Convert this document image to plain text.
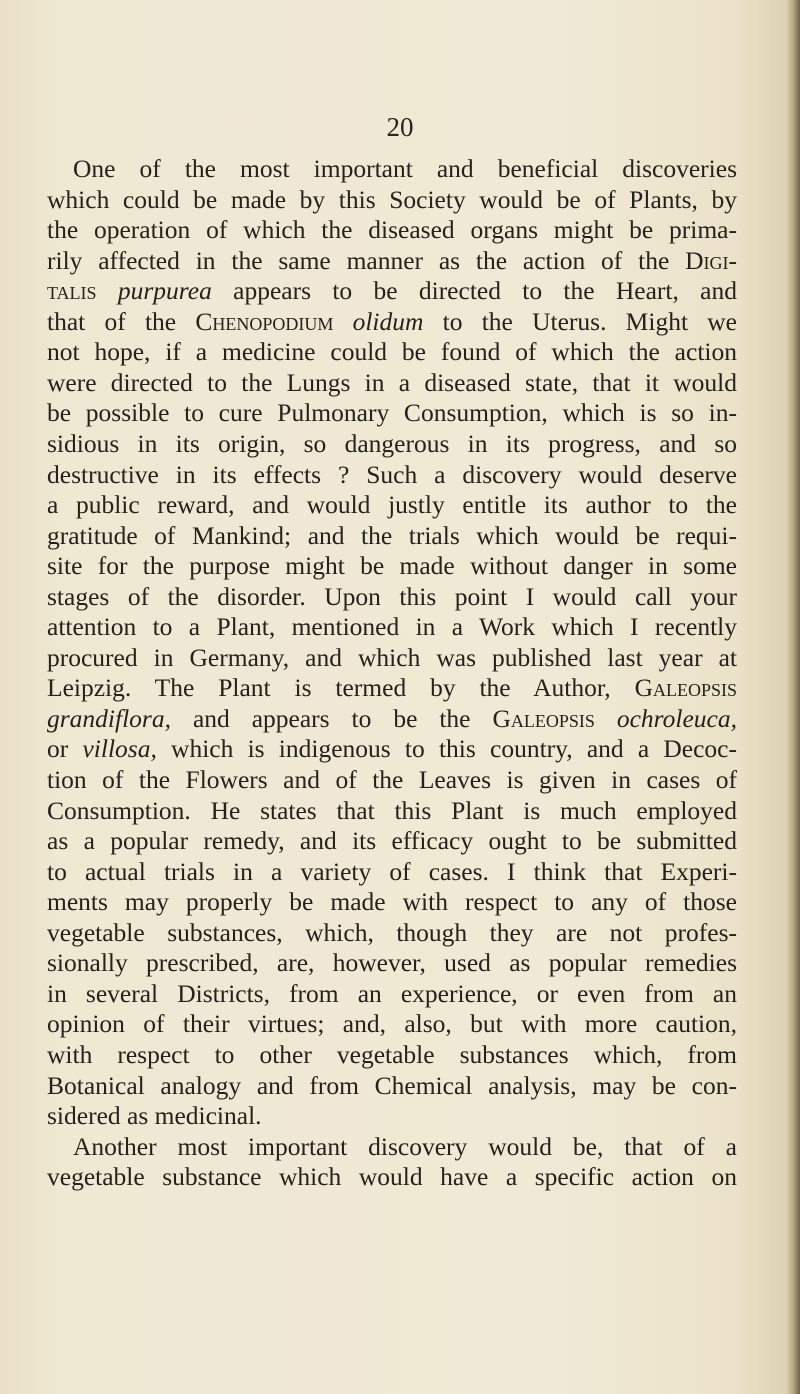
20
One of the most important and beneficial discoveries
which could be made by this Society would be of Plants, by
the operation of which the diseased organs might be prima-
rily affected in the same manner as the action of the Digi-
talis purpurea appears to be directed to the Heart, and
that of the Chenopodium olidum to the Uterus. Might we
not hope, if a medicine could be found of which the action
were directed to the Lungs in a diseased state, that it would
be possible to cure Pulmonary Consumption, which is so in-
sidious in its origin, so dangerous in its progress, and so
destructive in its effects ? Such a discovery would deserve
a public reward, and would justly entitle its author to the
gratitude of Mankind; and the trials which would be requi-
site for the purpose might be made without danger in some
stages of the disorder. Upon this point I would call your
attention to a Plant, mentioned in a Work which I recently
procured in Germany, and which was published last year at
Leipzig. The Plant is termed by the Author, Galeopsis
grandiflora, and appears to be the Galeopsis ochroleuca,
or villosa, which is indigenous to this country, and a Decoc-
tion of the Flowers and of the Leaves is given in cases of
Consumption. He states that this Plant is much employed
as a popular remedy, and its efficacy ought to be submitted
to actual trials in a variety of cases. I think that Experi-
ments may properly be made with respect to any of those
vegetable substances, which, though they are not profes-
sionally prescribed, are, however, used as popular remedies
in several Districts, from an experience, or even from an
opinion of their virtues; and, also, but with more caution,
with respect to other vegetable substances which, from
Botanical analogy and from Chemical analysis, may be con-
sidered as medicinal.
Another most important discovery would be, that of a
vegetable substance which would have a specific action on
